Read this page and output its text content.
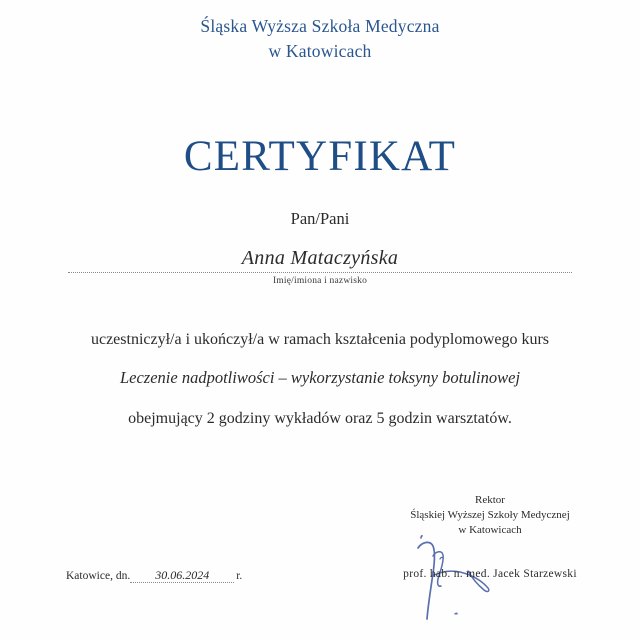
Śląska Wyższa Szkoła Medyczna
w Katowicach
CERTYFIKAT
Pan/Pani
Anna Mataczyńska
Imię/imiona i nazwisko
uczestniczył/a i ukończył/a w ramach kształcenia podyplomowego kurs
Leczenie nadpotliwości – wykorzystanie toksyny botulinowej
obejmujący 2 godziny wykładów oraz 5 godzin warsztatów.
Rektor
Śląskiej Wyższej Szkoły Medycznej
w Katowicach
prof. hab. n. med. Jacek Starzewski
Katowice, dn.	30.06.2024	r.
